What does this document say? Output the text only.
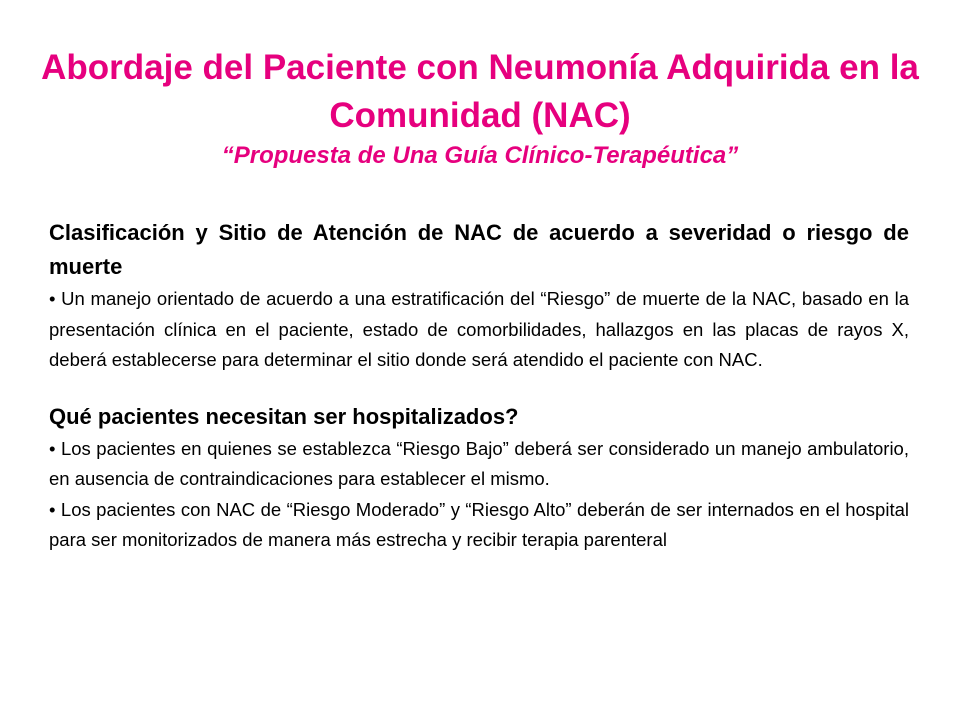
Abordaje del Paciente con Neumonía Adquirida en la Comunidad (NAC)

“Propuesta de Una Guía Clínico-Terapéutica”

Clasificación y Sitio de Atención de NAC de acuerdo a severidad o riesgo de muerte

• Un manejo orientado de acuerdo a una estratificación del “Riesgo” de muerte de la NAC, basado en la presentación clínica en el paciente, estado de comorbilidades, hallazgos en las placas de rayos X, deberá establecerse para determinar el sitio donde será atendido el paciente con NAC.

Qué pacientes necesitan ser hospitalizados?

• Los pacientes en quienes se establezca “Riesgo Bajo” deberá ser considerado un manejo ambulatorio, en ausencia de contraindicaciones para establecer el mismo.

• Los pacientes con NAC de “Riesgo Moderado” y “Riesgo Alto” deberán de ser internados en el hospital para ser monitorizados de manera más estrecha y recibir terapia parenteral
